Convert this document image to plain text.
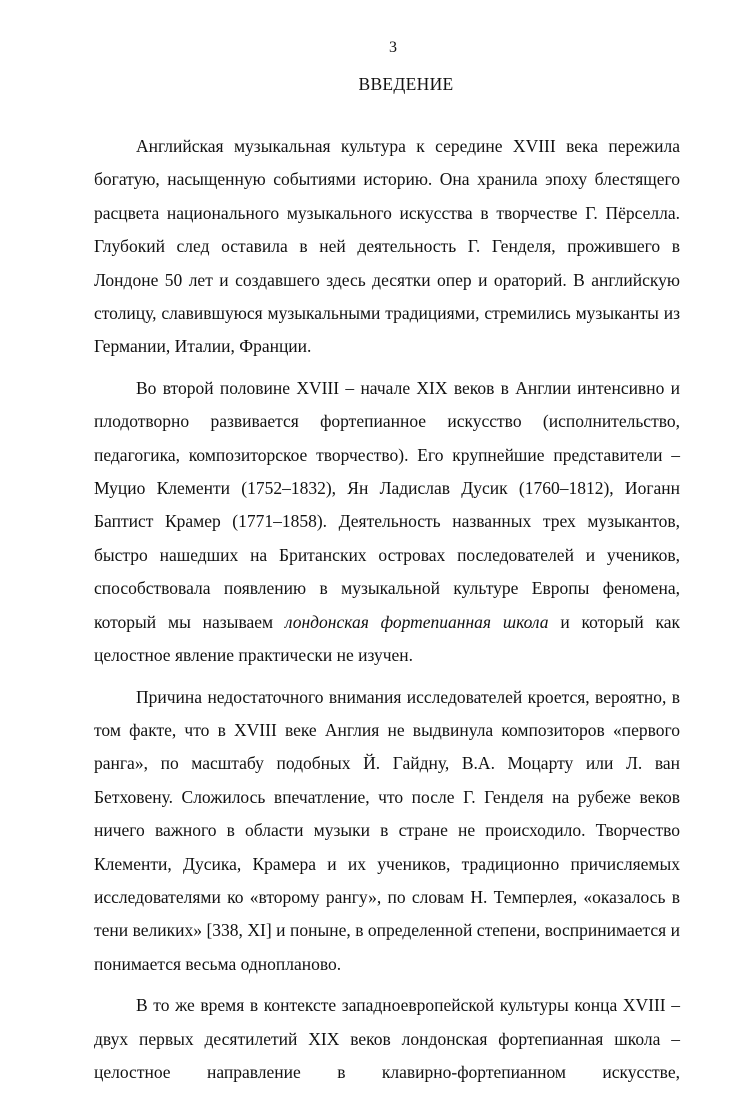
3
ВВЕДЕНИЕ

Английская музыкальная культура к середине XVIII века пережила богатую, насыщенную событиями историю. Она хранила эпоху блестящего расцвета национального музыкального искусства в творчестве Г. Пёрселла. Глубокий след оставила в ней деятельность Г. Генделя, прожившего в Лондоне 50 лет и создавшего здесь десятки опер и ораторий. В английскую столицу, славившуюся музыкальными традициями, стремились музыканты из Германии, Италии, Франции.

Во второй половине XVIII – начале XIX веков в Англии интенсивно и плодотворно развивается фортепианное искусство (исполнительство, педагогика, композиторское творчество). Его крупнейшие представители – Муцио Клементи (1752–1832), Ян Ладислав Дусик (1760–1812), Иоганн Баптист Крамер (1771–1858). Деятельность названных трех музыкантов, быстро нашедших на Британских островах последователей и учеников, способствовала появлению в музыкальной культуре Европы феномена, который мы называем лондонская фортепианная школа и который как целостное явление практически не изучен.

Причина недостаточного внимания исследователей кроется, вероятно, в том факте, что в XVIII веке Англия не выдвинула композиторов «первого ранга», по масштабу подобных Й. Гайдну, В.А. Моцарту или Л. ван Бетховену. Сложилось впечатление, что после Г. Генделя на рубеже веков ничего важного в области музыки в стране не происходило. Творчество Клементи, Дусика, Крамера и их учеников, традиционно причисляемых исследователями ко «второму рангу», по словам Н. Темперлея, «оказалось в тени великих» [338, XI] и поныне, в определенной степени, воспринимается и понимается весьма однопланово.

В то же время в контексте западноевропейской культуры конца XVIII – двух первых десятилетий XIX веков лондонская фортепианная школа – целостное направление в клавирно-фортепианном искусстве,
